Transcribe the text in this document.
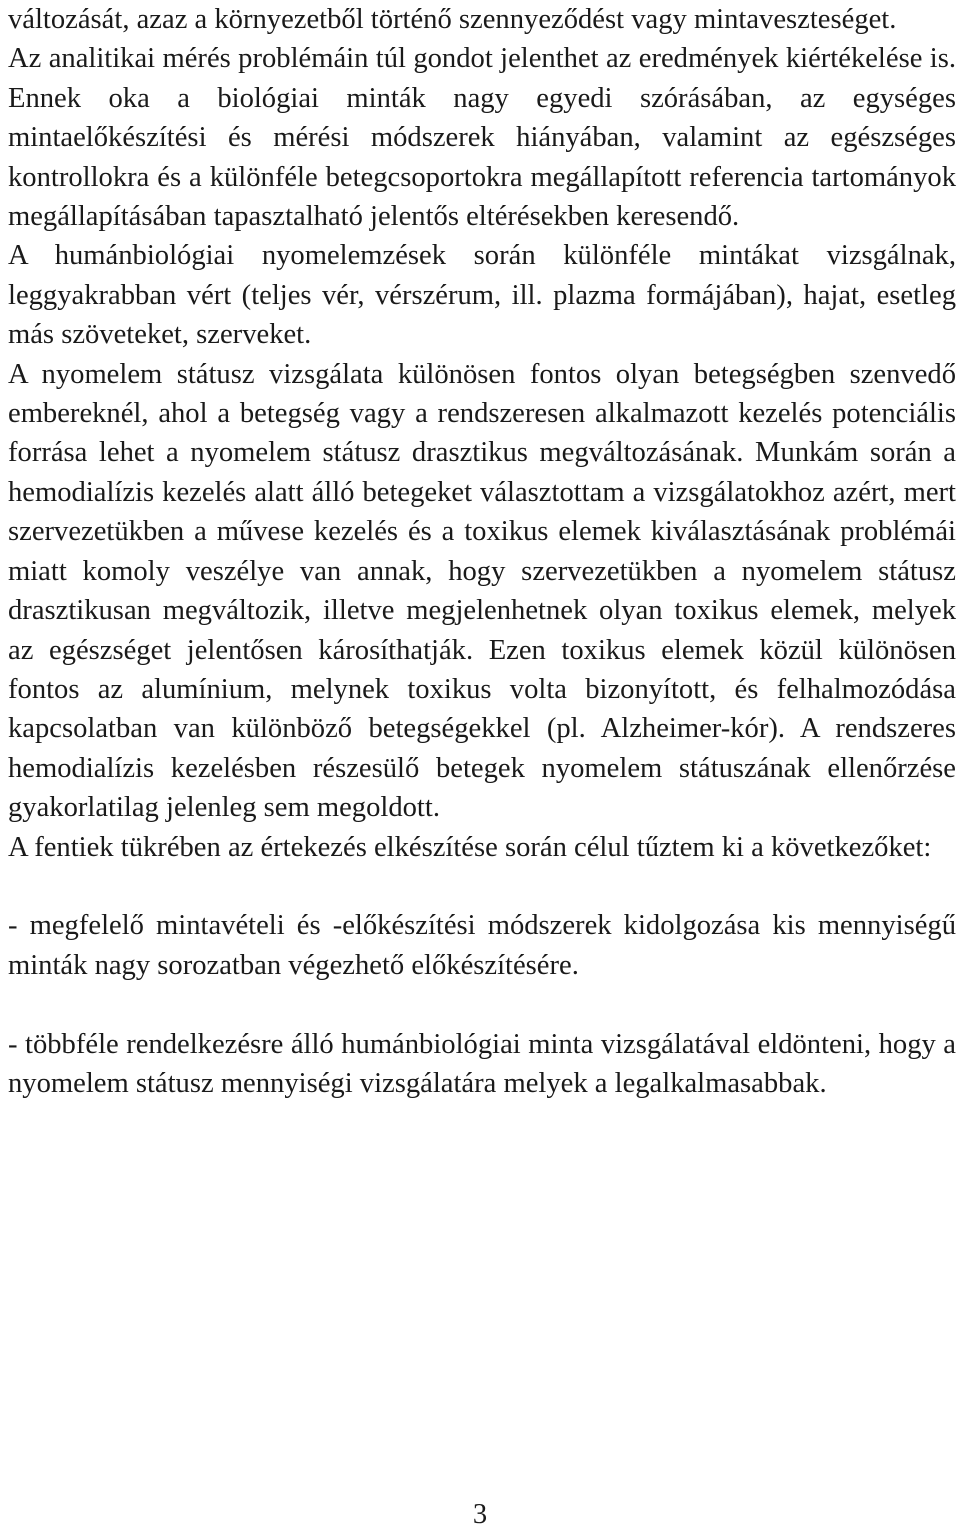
változását, azaz a környezetből történő szennyeződést vagy mintaveszteséget.

Az analitikai mérés problémáin túl gondot jelenthet az eredmények kiértékelése is. Ennek oka a biológiai minták nagy egyedi szórásában, az egységes mintaelőkészítési és mérési módszerek hiányában, valamint az egészséges kontrollokra és a különféle betegcsoportokra megállapított referencia tartományok megállapításában tapasztalható jelentős eltérésekben keresendő.

A humánbiológiai nyomelemzések során különféle mintákat vizsgálnak, leggyakrabban vért (teljes vér, vérszérum, ill. plazma formájában), hajat, esetleg más szöveteket, szerveket.

A nyomelem státusz vizsgálata különösen fontos olyan betegségben szenvedő embereknél, ahol a betegség vagy a rendszeresen alkalmazott kezelés potenciális forrása lehet a nyomelem státusz drasztikus megváltozásának. Munkám során a hemodialízis kezelés alatt álló betegeket választottam a vizsgálatokhoz azért, mert szervezetükben a művese kezelés és a toxikus elemek kiválasztásának problémái miatt komoly veszélye van annak, hogy szervezetükben a nyomelem státusz drasztikusan megváltozik, illetve megjelenhetnek olyan toxikus elemek, melyek az egészséget jelentősen károsíthatják. Ezen toxikus elemek közül különösen fontos az alumínium, melynek toxikus volta bizonyított, és felhalmozódása kapcsolatban van különböző betegségekkel (pl. Alzheimer-kór). A rendszeres hemodialízis kezelésben részesülő betegek nyomelem státuszának ellenőrzése gyakorlatilag jelenleg sem megoldott.

A fentiek tükrében az értekezés elkészítése során célul tűztem ki a következőket:

- megfelelő mintavételi és -előkészítési módszerek kidolgozása kis mennyiségű minták nagy sorozatban végezhető előkészítésére.

- többféle rendelkezésre álló humánbiológiai minta vizsgálatával eldönteni, hogy a nyomelem státusz mennyiségi vizsgálatára melyek a legalkalmasabbak.

3
